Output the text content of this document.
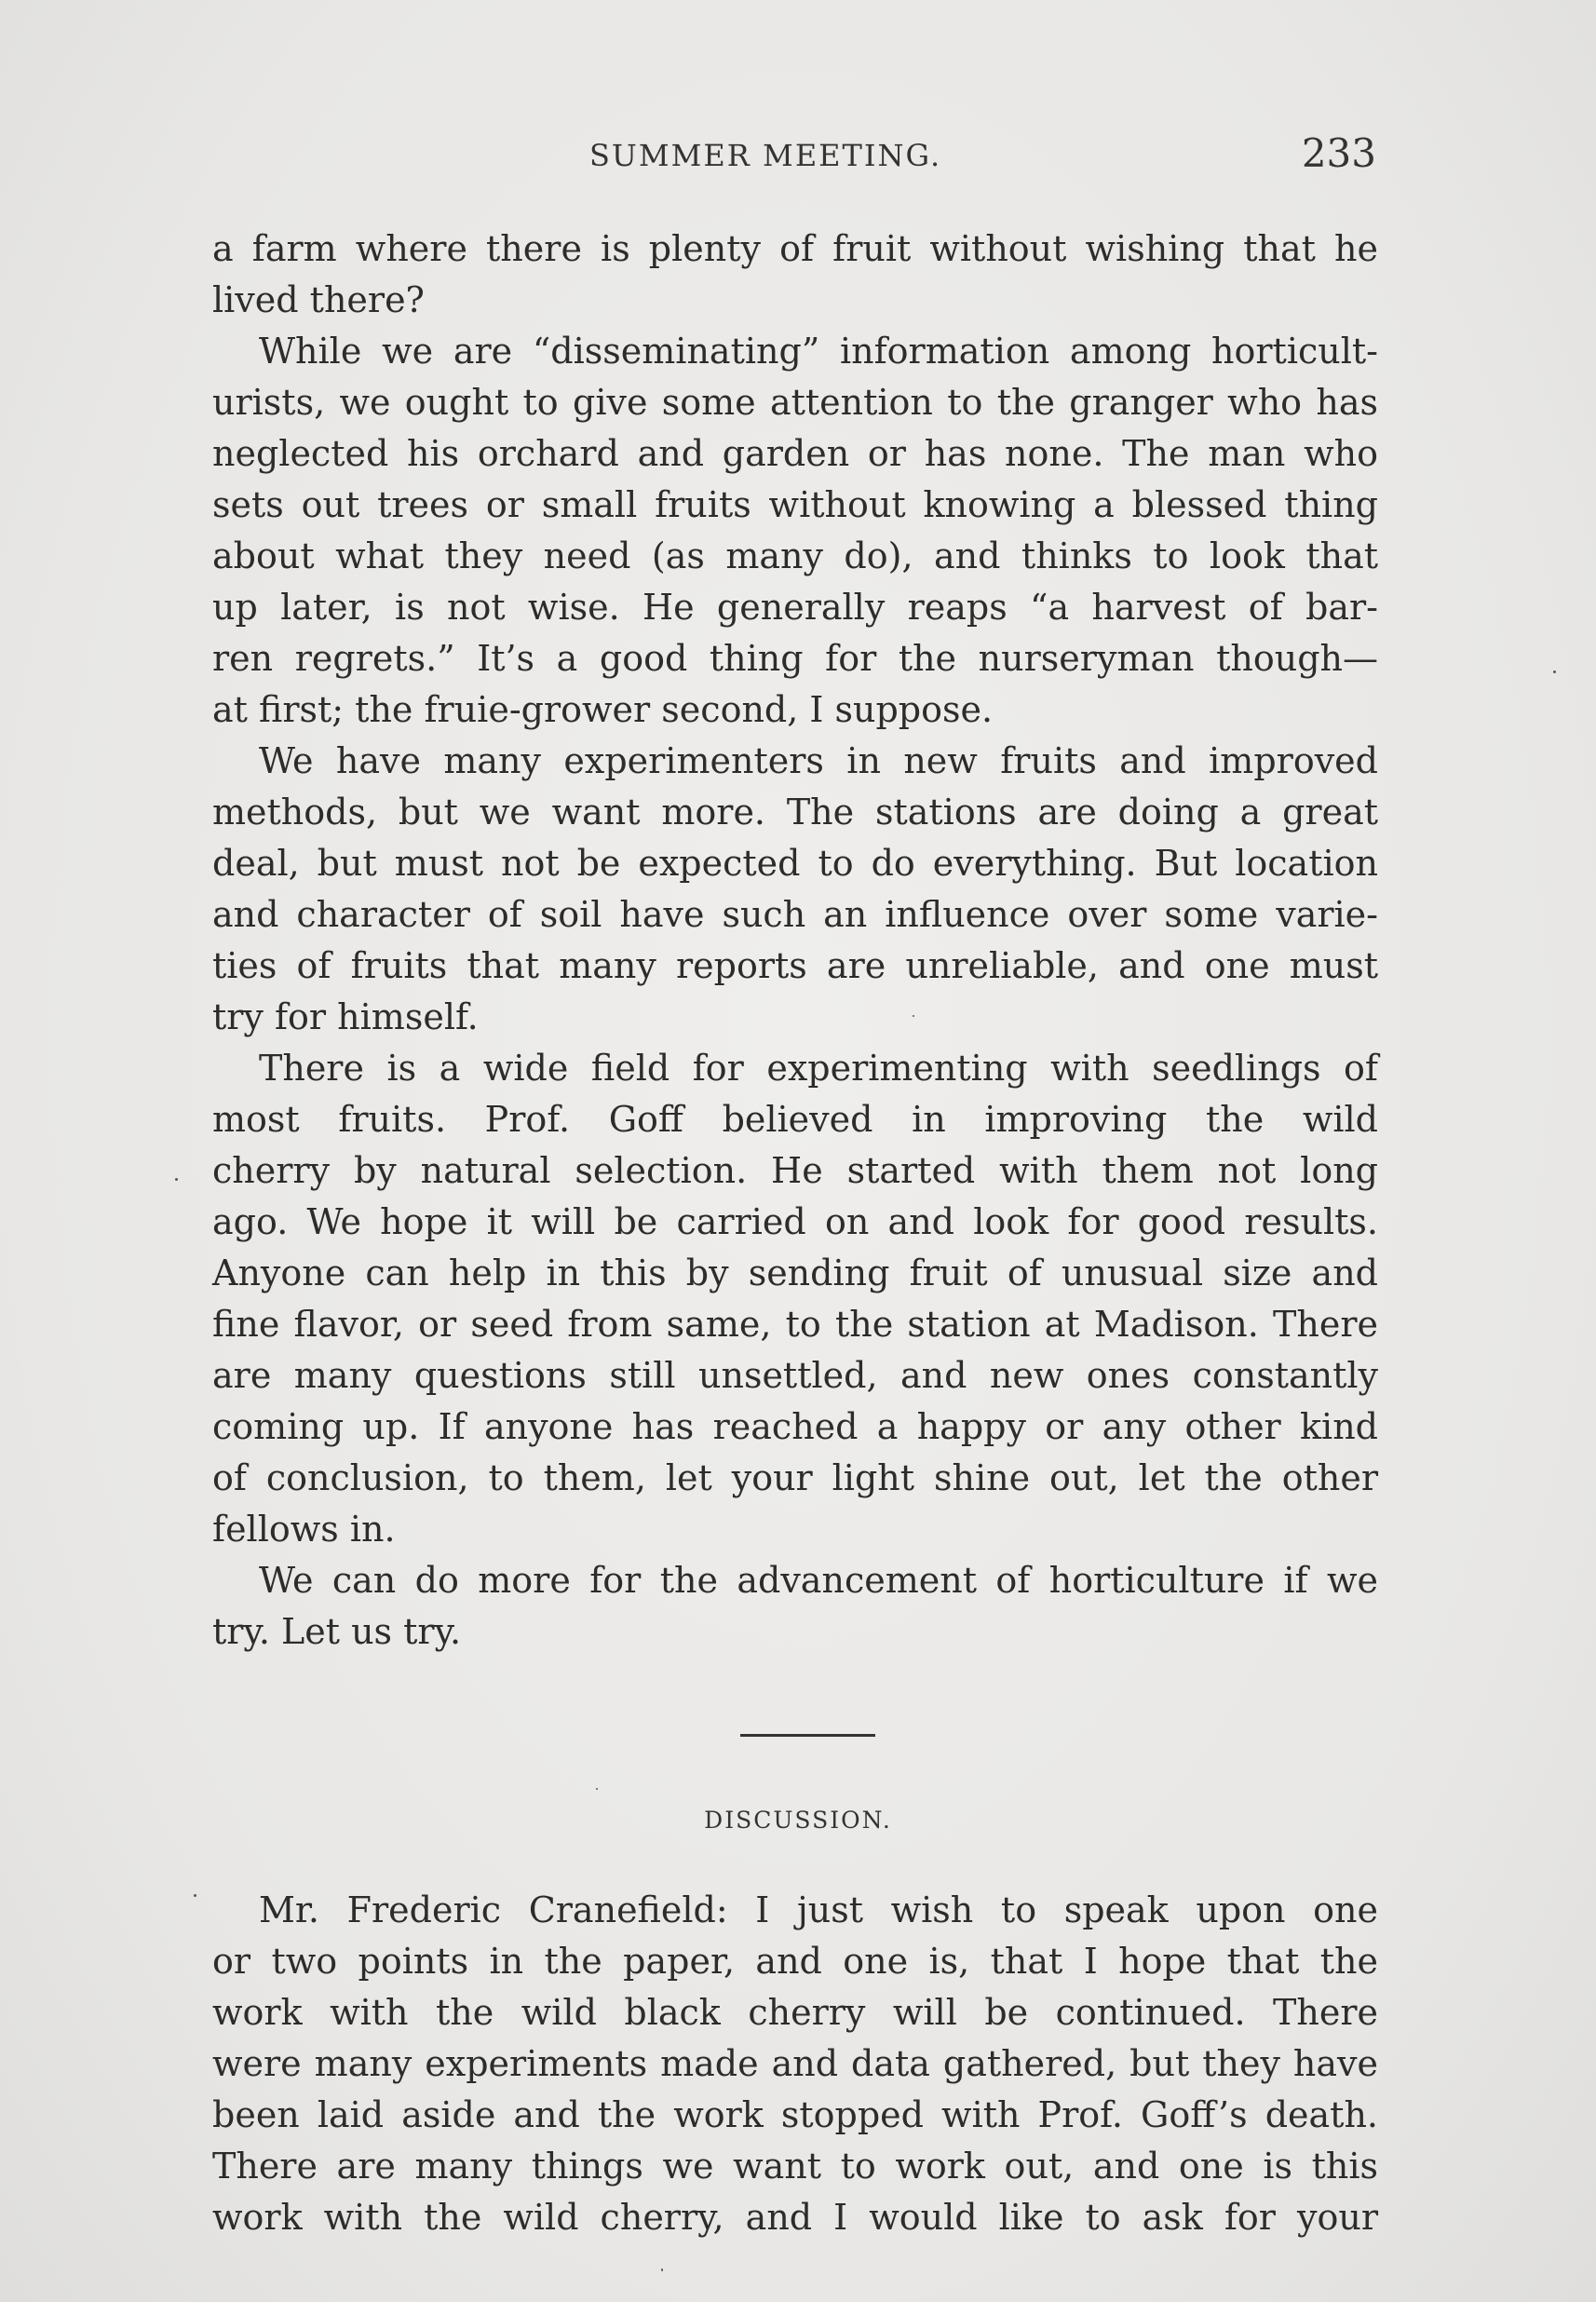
SUMMER MEETING.	233
a farm where there is plenty of fruit without wishing that he
lived there?
While we are “disseminating” information among horticult-
urists, we ought to give some attention to the granger who has
neglected his orchard and garden or has none. The man who
sets out trees or small fruits without knowing a blessed thing
about what they need (as many do), and thinks to look that
up later, is not wise. He generally reaps “a harvest of bar-
ren regrets.” It’s a good thing for the nurseryman though—
at first; the fruie-grower second, I suppose.
We have many experimenters in new fruits and improved
methods, but we want more. The stations are doing a great
deal, but must not be expected to do everything. But location
and character of soil have such an influence over some varie-
ties of fruits that many reports are unreliable, and one must
try for himself.
There is a wide field for experimenting with seedlings of
most fruits. Prof. Goff believed in improving the wild
cherry by natural selection. He started with them not long
ago. We hope it will be carried on and look for good results.
Anyone can help in this by sending fruit of unusual size and
fine flavor, or seed from same, to the station at Madison. There
are many questions still unsettled, and new ones constantly
coming up. If anyone has reached a happy or any other kind
of conclusion, to them, let your light shine out, let the other
fellows in.
We can do more for the advancement of horticulture if we
try. Let us try.
DISCUSSION.
Mr. Frederic Cranefield: I just wish to speak upon one
or two points in the paper, and one is, that I hope that the
work with the wild black cherry will be continued. There
were many experiments made and data gathered, but they have
been laid aside and the work stopped with Prof. Goff’s death.
There are many things we want to work out, and one is this
work with the wild cherry, and I would like to ask for your
